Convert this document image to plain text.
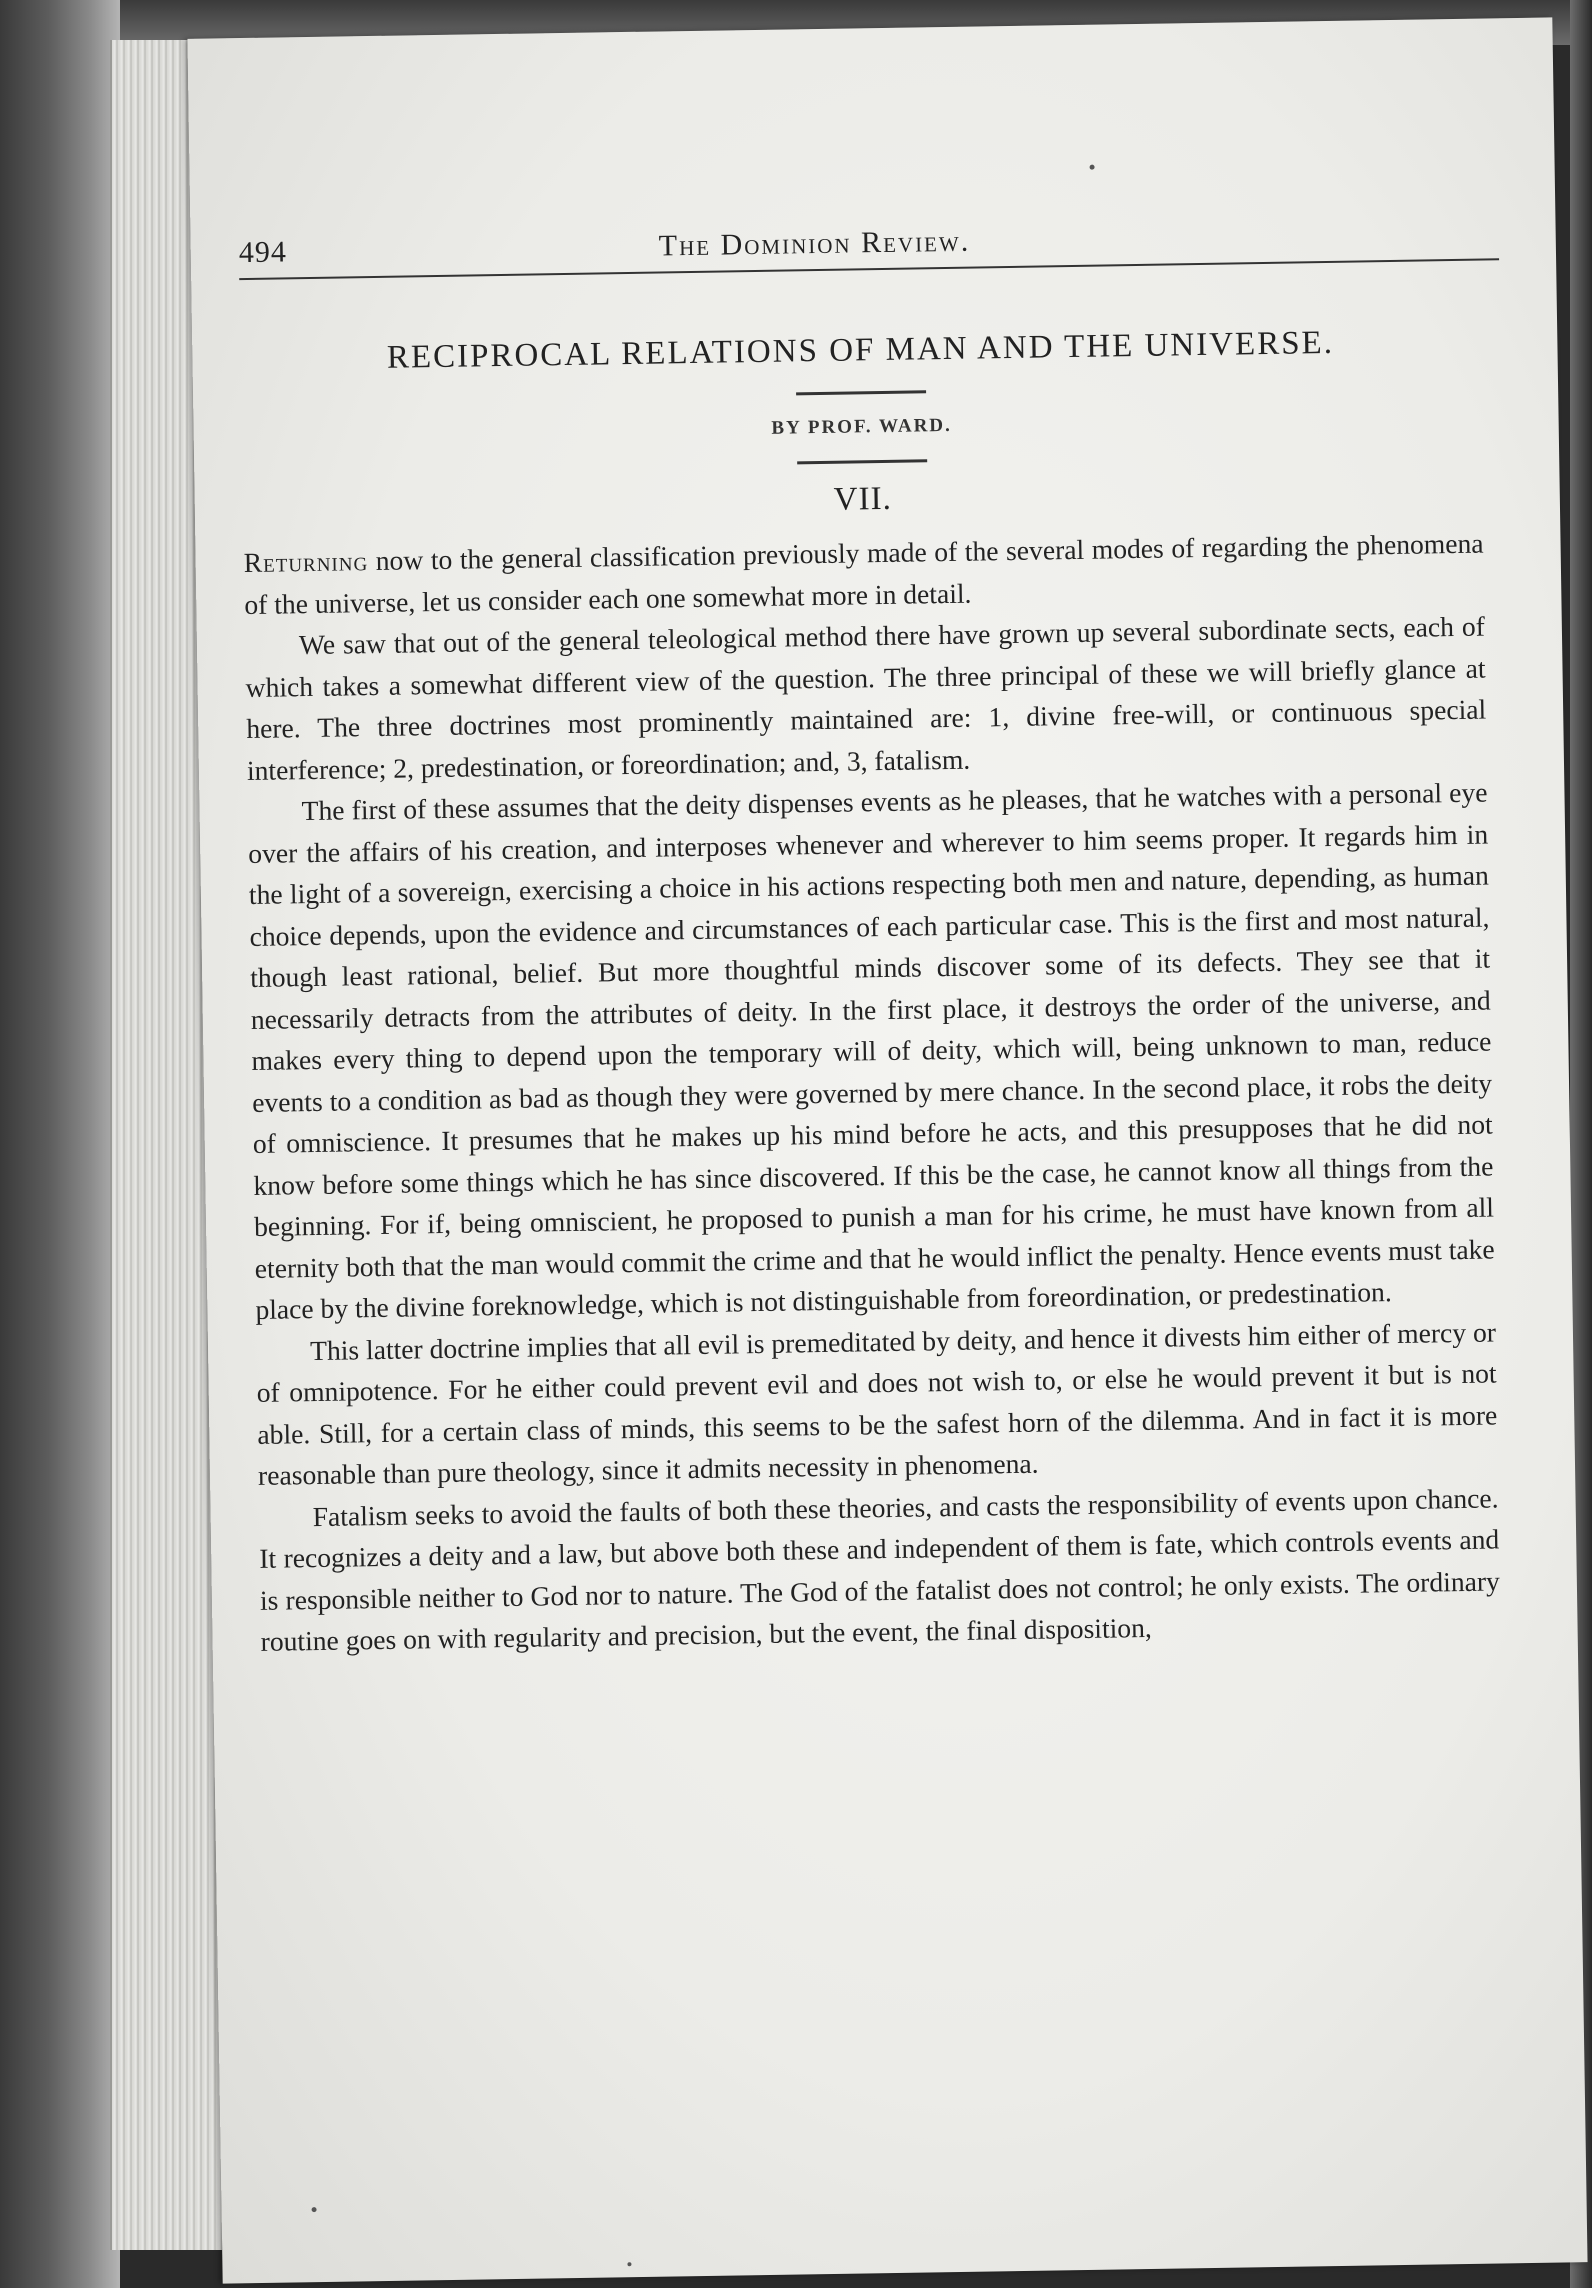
494	The Dominion Review.
RECIPROCAL RELATIONS OF MAN AND THE UNIVERSE.
BY PROF. WARD.
VII.

Returning now to the general classification previously made of the several modes of regarding the phenomena of the universe, let us consider each one somewhat more in detail.

We saw that out of the general teleological method there have grown up several subordinate sects, each of which takes a somewhat different view of the question. The three principal of these we will briefly glance at here. The three doctrines most prominently maintained are: 1, divine free-will, or continuous special interference; 2, predestination, or foreordination; and, 3, fatalism.

The first of these assumes that the deity dispenses events as he pleases, that he watches with a personal eye over the affairs of his creation, and interposes whenever and wherever to him seems proper. It regards him in the light of a sovereign, exercising a choice in his actions respecting both men and nature, depending, as human choice depends, upon the evidence and circumstances of each particular case. This is the first and most natural, though least rational, belief. But more thoughtful minds discover some of its defects. They see that it necessarily detracts from the attributes of deity. In the first place, it destroys the order of the universe, and makes every thing to depend upon the temporary will of deity, which will, being unknown to man, reduce events to a condition as bad as though they were governed by mere chance. In the second place, it robs the deity of omniscience. It presumes that he makes up his mind before he acts, and this presupposes that he did not know before some things which he has since discovered. If this be the case, he cannot know all things from the beginning. For if, being omniscient, he proposed to punish a man for his crime, he must have known from all eternity both that the man would commit the crime and that he would inflict the penalty. Hence events must take place by the divine foreknowledge, which is not distinguishable from foreordination, or predestination.

This latter doctrine implies that all evil is premeditated by deity, and hence it divests him either of mercy or of omnipotence. For he either could prevent evil and does not wish to, or else he would prevent it but is not able. Still, for a certain class of minds, this seems to be the safest horn of the dilemma. And in fact it is more reasonable than pure theology, since it admits necessity in phenomena.

Fatalism seeks to avoid the faults of both these theories, and casts the responsibility of events upon chance. It recognizes a deity and a law, but above both these and independent of them is fate, which controls events and is responsible neither to God nor to nature. The God of the fatalist does not control; he only exists. The ordinary routine goes on with regularity and precision, but the event, the final disposition,
